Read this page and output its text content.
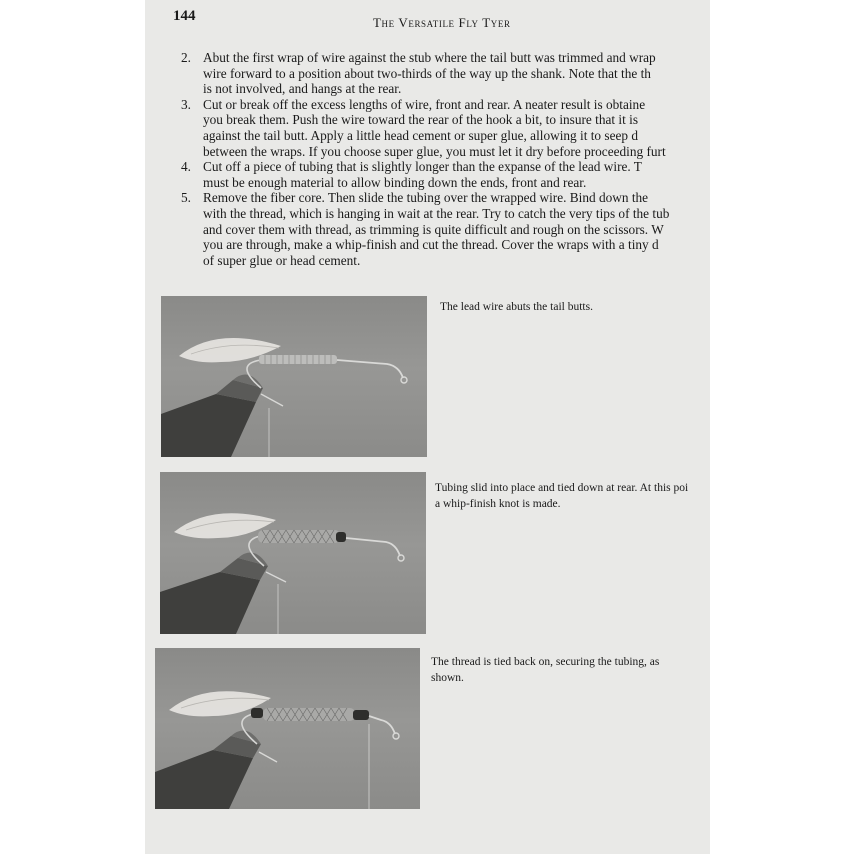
144	The Versatile Fly Tyer
2. Abut the first wrap of wire against the stub where the tail butt was trimmed and wrap
wire forward to a position about two-thirds of the way up the shank. Note that the th
is not involved, and hangs at the rear.
3. Cut or break off the excess lengths of wire, front and rear. A neater result is obtaine
you break them. Push the wire toward the rear of the hook a bit, to insure that it is
against the tail butt. Apply a little head cement or super glue, allowing it to seep d
between the wraps. If you choose super glue, you must let it dry before proceeding furt
4. Cut off a piece of tubing that is slightly longer than the expanse of the lead wire. T
must be enough material to allow binding down the ends, front and rear.
5. Remove the fiber core. Then slide the tubing over the wrapped wire. Bind down the
with the thread, which is hanging in wait at the rear. Try to catch the very tips of the tub
and cover them with thread, as trimming is quite difficult and rough on the scissors. W
you are through, make a whip-finish and cut the thread. Cover the wraps with a tiny d
of super glue or head cement.
The lead wire abuts the tail butts.
Tubing slid into place and tied down at rear. At this poi
a whip-finish knot is made.
The thread is tied back on, securing the tubing, as
shown.
